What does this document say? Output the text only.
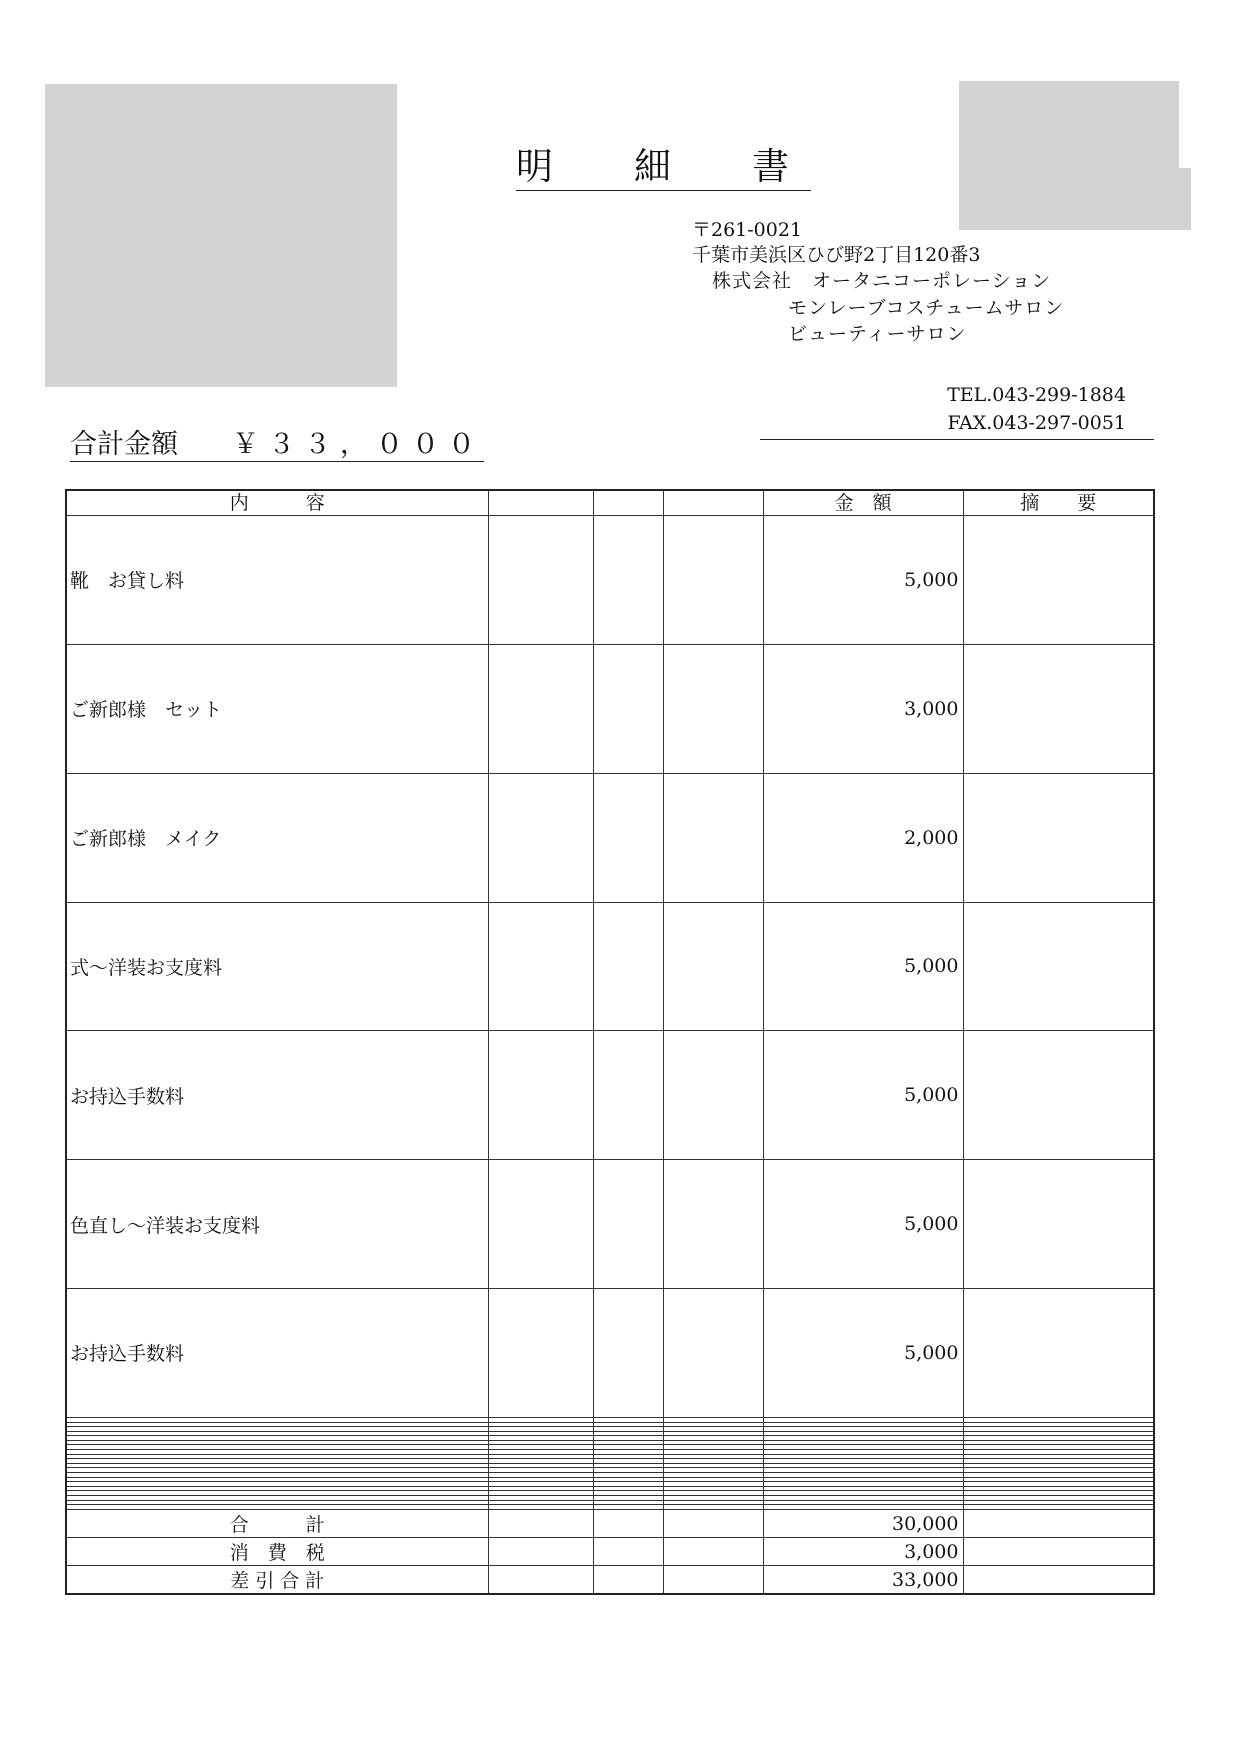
明　細　書
〒261-0021
千葉市美浜区ひび野2丁目120番3
株式会社　オータニコーポレーション
モンレーブコスチュームサロン
ビューティーサロン
TEL.043-299-1884
FAX.043-297-0051
合計金額 ￥３３，０００
内　　　容				金　額	摘　　要
靴　お貸し料				5,000	
ご新郎様　セット				3,000	
ご新郎様　メイク				2,000	
式～洋装お支度料				5,000	
お持込手数料				5,000	
色直し～洋装お支度料				5,000	
お持込手数料				5,000	

合　　　計				30,000	
消　費　税				3,000	
差 引 合 計				33,000	
